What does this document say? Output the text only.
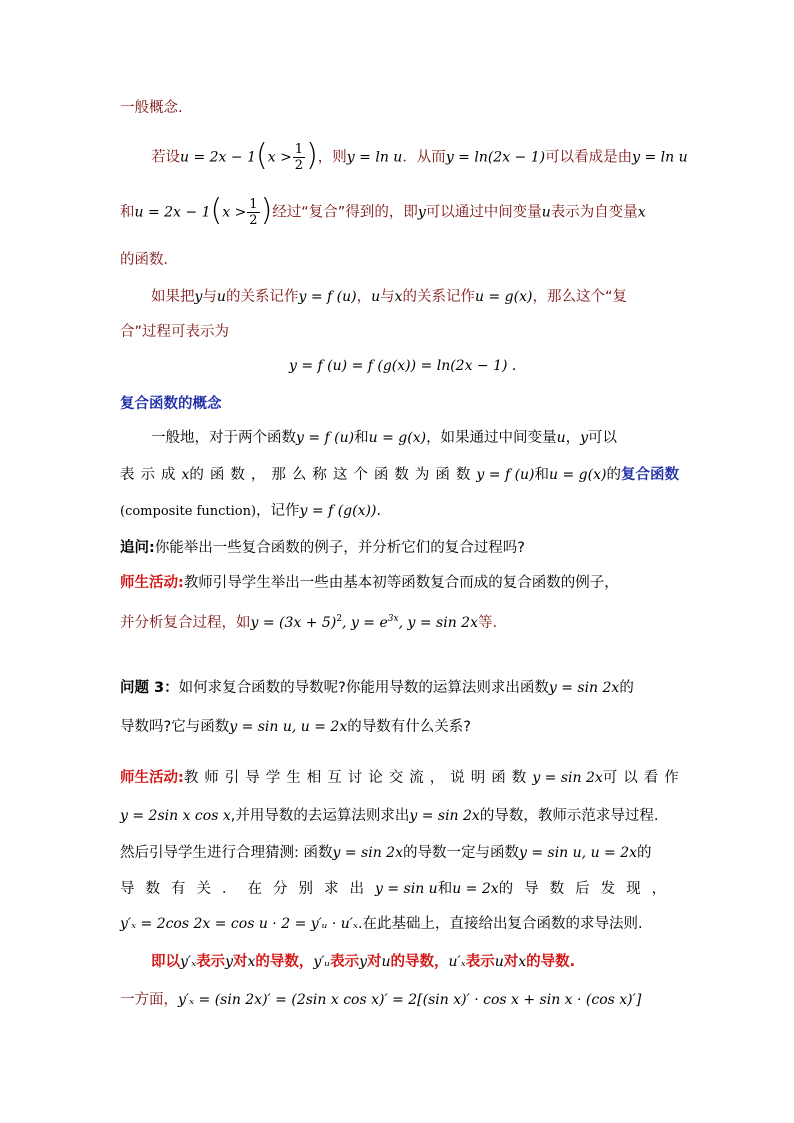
一般概念.
若设$u = 2x - 1(x > \frac{1}{2}$ )，则y = ln u．从而y = ln(2x − 1)可以看成是由y = ln u
和$u = 2x - 1(x > \frac{1}{2}$ )经过“复合”得到的，即y可以通过中间变量u表示为自变量x
的函数．
如果把y与u的关系记作y = f (u)，u与x的关系记作u = g(x)，那么这个“复
合”过程可表示为
y = f (u) = f (g(x)) = ln(2x − 1) .
复合函数的概念
一般地，对于两个函数y = f (u)和u = g(x)，如果通过中间变量u，y可以
表示成x的函数，那么称这个函数为函数y = f (u)和u = g(x)的复合函数
(composite function)，记作y = f (g(x)).
追问:你能举出一些复合函数的例子，并分析它们的复合过程吗?
师生活动:教师引导学生举出一些由基本初等函数复合而成的复合函数的例子，
并分析复合过程，如$y = (3x + 5)^2$, $y = e^{3x}$, y = sin 2x等.
问题 3：如何求复合函数的导数呢?你能用导数的运算法则求出函数y = sin 2x的
导数吗?它与函数y = sin u, u = 2x的导数有什么关系?
师生活动:教师引导学生相互讨论交流，说明函数y = sin 2x可以看作
y = 2sin x cos x,并用导数的去运算法则求出y = sin 2x的导数，教师示范求导过程.
然后引导学生进行合理猜测: 函数y = sin 2x的导数一定与函数y = sin u, u = 2x的
导数有关．在分别求出y = sin u和u = 2x的导数后发现，
y′ₓ = 2cos 2x = cos u · 2 = y′ᵤ · u′ₓ.在此基础上，直接给出复合函数的求导法则.
即以y′ₓ表示y对x的导数，y′ᵤ表示y对u的导数，u′ₓ表示u对x的导数.
一方面，y′ₓ = (sin 2x)′ = (2sin x cos x)′ = 2[(sin x)′ · cos x + sin x · (cos x)′]
